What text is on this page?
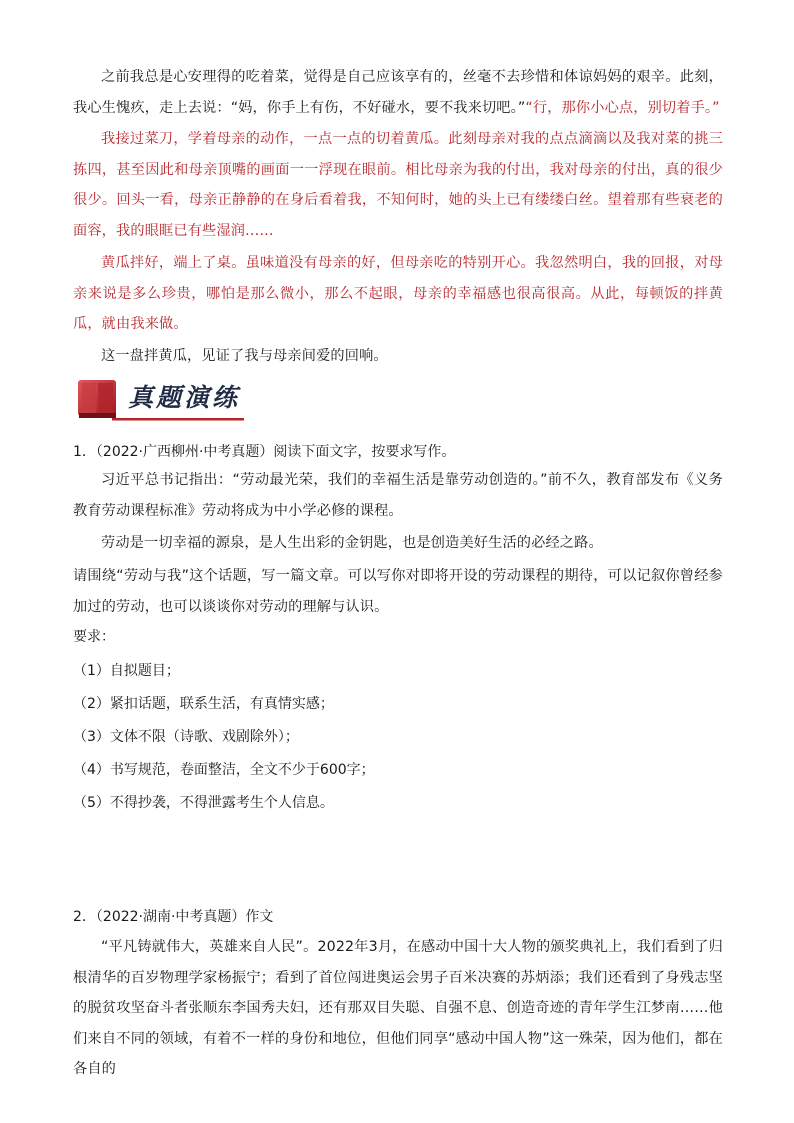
之前我总是心安理得的吃着菜，觉得是自己应该享有的，丝毫不去珍惜和体谅妈妈的艰辛。此刻，我心生愧疚，走上去说：“妈，你手上有伤，不好碰水，要不我来切吧。”“行，那你小心点，别切着手。”

我接过菜刀，学着母亲的动作，一点一点的切着黄瓜。此刻母亲对我的点点滴滴以及我对菜的挑三拣四，甚至因此和母亲顶嘴的画面一一浮现在眼前。相比母亲为我的付出，我对母亲的付出，真的很少很少。回头一看，母亲正静静的在身后看着我，不知何时，她的头上已有缕缕白丝。望着那有些衰老的面容，我的眼眶已有些湿润……

黄瓜拌好，端上了桌。虽味道没有母亲的好，但母亲吃的特别开心。我忽然明白，我的回报，对母亲来说是多么珍贵，哪怕是那么微小，那么不起眼，母亲的幸福感也很高很高。从此，每顿饭的拌黄瓜，就由我来做。

这一盘拌黄瓜，见证了我与母亲间爱的回响。

真题演练

1．（2022·广西柳州·中考真题）阅读下面文字，按要求写作。

习近平总书记指出：“劳动最光荣，我们的幸福生活是靠劳动创造的。”前不久，教育部发布《义务教育劳动课程标准》劳动将成为中小学必修的课程。

劳动是一切幸福的源泉，是人生出彩的金钥匙，也是创造美好生活的必经之路。

请围绕“劳动与我”这个话题，写一篇文章。可以写你对即将开设的劳动课程的期待，可以记叙你曾经参加过的劳动，也可以谈谈你对劳动的理解与认识。

要求：

（1）自拟题目；

（2）紧扣话题，联系生活，有真情实感；

（3）文体不限（诗歌、戏剧除外）；

（4）书写规范，卷面整洁，全文不少于600字；

（5）不得抄袭，不得泄露考生个人信息。

2．（2022·湖南·中考真题）作文

“平凡铸就伟大，英雄来自人民”。2022年3月，在感动中国十大人物的颁奖典礼上，我们看到了归根清华的百岁物理学家杨振宁；看到了首位闯进奥运会男子百米决赛的苏炳添；我们还看到了身残志坚的脱贫攻坚奋斗者张顺东李国秀夫妇，还有那双目失聪、自强不息、创造奇迹的青年学生江梦南……他们来自不同的领域，有着不一样的身份和地位，但他们同享“感动中国人物”这一殊荣，因为他们，都在各自的
